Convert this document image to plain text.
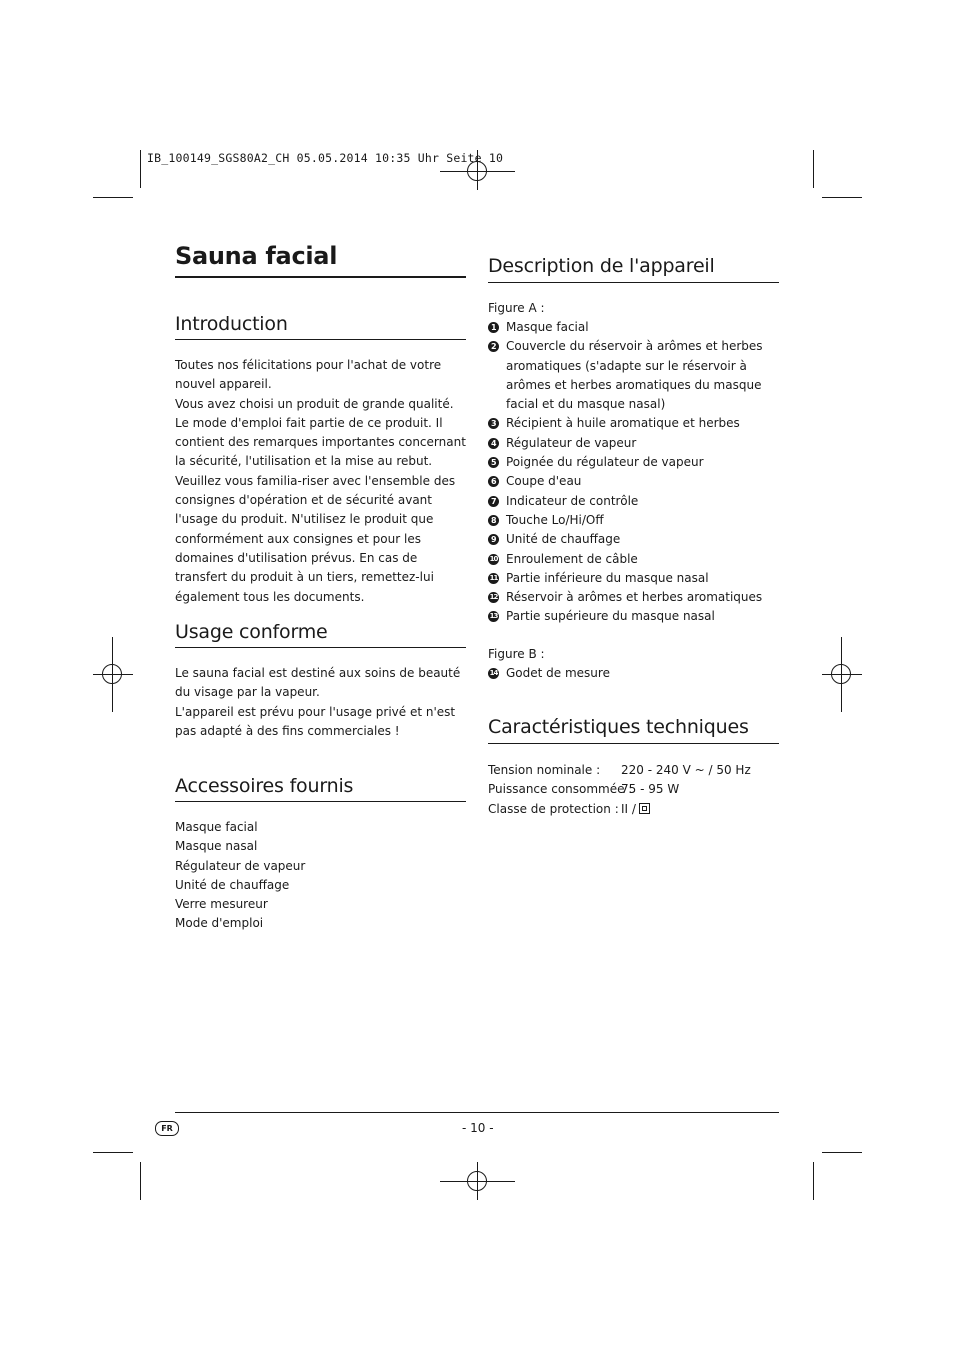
IB_100149_SGS80A2_CH 05.05.2014 10:35 Uhr Seite 10
Sauna facial
Introduction

Toutes nos félicitations pour l'achat de votre nouvel appareil.

Vous avez choisi un produit de grande qualité. Le mode d'emploi fait partie de ce produit. Il contient des remarques importantes concernant la sécurité, l'utilisation et la mise au rebut. Veuillez vous familia-riser avec l'ensemble des consignes d'opération et de sécurité avant l'usage du produit. N'utilisez le produit que conformément aux consignes et pour les domaines d'utilisation prévus. En cas de transfert du produit à un tiers, remettez-lui également tous les documents.

Usage conforme

Le sauna facial est destiné aux soins de beauté du visage par la vapeur.

L'appareil est prévu pour l'usage privé et n'est pas adapté à des fins commerciales !

Accessoires fournis
Masque facial
Masque nasal
Régulateur de vapeur
Unité de chauffage
Verre mesureur
Mode d'emploi
Description de l'appareil
Figure A :
1 Masque facial
2 Couvercle du réservoir à arômes et herbes aromatiques (s'adapte sur le réservoir à arômes et herbes aromatiques du masque facial et du masque nasal)
3 Récipient à huile aromatique et herbes
4 Régulateur de vapeur
5 Poignée du régulateur de vapeur
6 Coupe d'eau
7 Indicateur de contrôle
8 Touche Lo/Hi/Off
9 Unité de chauffage
10 Enroulement de câble
11 Partie inférieure du masque nasal
12 Réservoir à arômes et herbes aromatiques
13 Partie supérieure du masque nasal
Figure B :
14 Godet de mesure
Caractéristiques techniques
Tension nominale :	220 - 240 V ~ / 50 Hz
Puissance consommée :
75 - 95 W
Classe de protection : II /
FR	- 10 -
